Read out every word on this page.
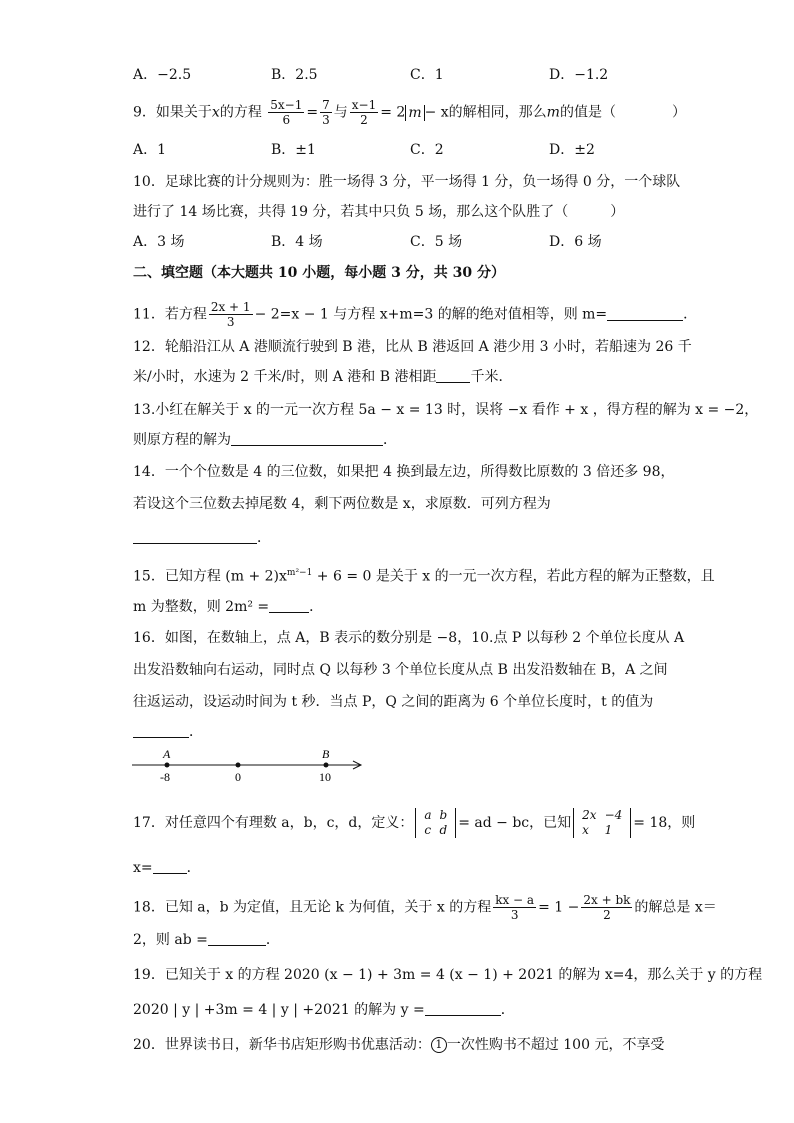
A．−2.5	B．2.5	C．1	D．−1.2
9．如果关于x的方程 $\frac{5x-1}{6} = \frac{7}{3}$ 与 $\frac{x-1}{2} = 2$ m − x的解相同，那么m的值是（　　　　）
A．1	B．±1	C．2	D．±2
10．足球比赛的计分规则为：胜一场得 3 分，平一场得 1 分，负一场得 0 分，一个球队
进行了 14 场比赛，共得 19 分，若其中只负 5 场，那么这个队胜了（　　　）
A．3 场	B．4 场	C．5 场	D．6 场
二、填空题（本大题共 10 小题，每小题 3 分，共 30 分）
11．若方程 $\frac{2x + 1}{3} - 2=x - 1$ 与方程 x+m=3 的解的绝对值相等，则 m=	．
12．轮船沿江从 A 港顺流行驶到 B 港，比从 B 港返回 A 港少用 3 小时，若船速为 26 千
米/小时，水速为 2 千米/时，则 A 港和 B 港相距 千米．
13.小红在解关于 x 的一元一次方程 5a − x = 13 时，误将 −x 看作 + x ，得方程的解为 x = −2，
则原方程的解为	．
14．一个个位数是 4 的三位数，如果把 4 换到最左边，所得数比原数的 3 倍还多 98，
若设这个三位数去掉尾数 4，剩下两位数是 x，求原数．可列方程为
．
15．已知方程 $(m + 2)x^{m^2-1} + 6 = 0$ 是关于 x 的一元一次方程，若此方程的解为正整数，且
m 为整数，则 2m² =	．
16．如图，在数轴上，点 A，B 表示的数分别是 −8，10.点 P 以每秒 2 个单位长度从 A
出发沿数轴向右运动，同时点 Q 以每秒 3 个单位长度从点 B 出发沿数轴在 B，A 之间
往返运动，设运动时间为 t 秒．当点 P，Q 之间的距离为 6 个单位长度时，t 的值为
．
A	B
-8	0	10
17．对任意四个有理数 a，b，c，d，定义： a	b
c	d = ad − bc，已知 2x	−4
x	1 = 18，则
x= ．
18．已知 a，b 为定值，且无论 k 为何值，关于 x 的方程 $\frac{kx - a}{3} = 1 - \frac{2x + bk}{2}$ 的解总是 x＝
2，则 ab =	．
19．已知关于 x 的方程 2020 (x − 1) + 3m = 4 (x − 1) + 2021 的解为 x=4，那么关于 y 的方程
2020 | y | +3m = 4 | y | +2021 的解为 y =	．
20．世界读书日，新华书店矩形购书优惠活动： 1 一次性购书不超过 100 元，不享受
